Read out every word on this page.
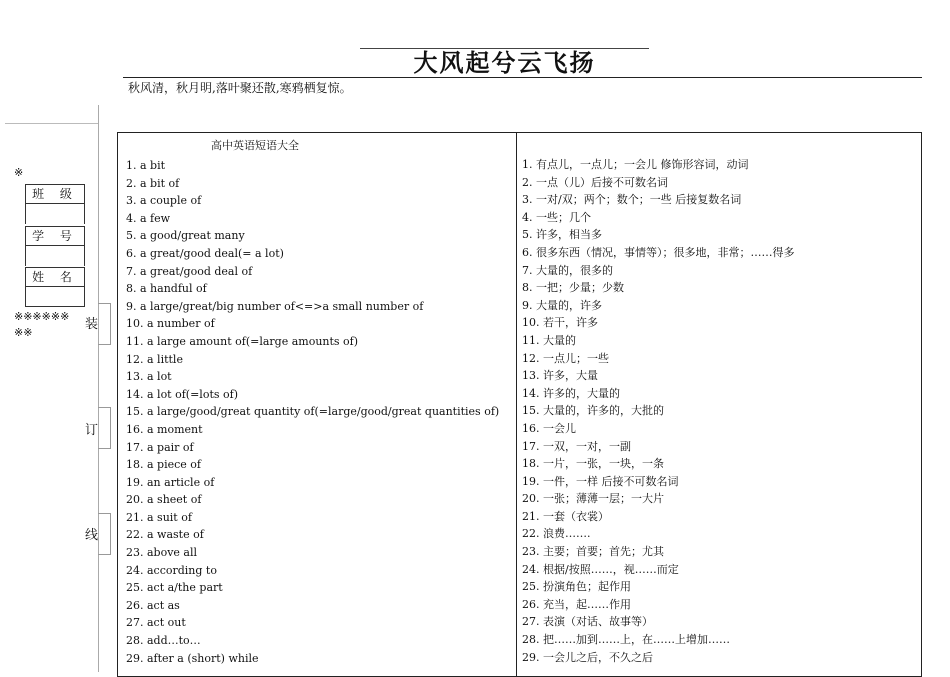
大风起兮云飞扬
秋风清，秋月明,落叶聚还散,寒鸦栖复惊。
装
订
线
※
班 级
学 号
姓 名
※※※※※※
※※
高中英语短语大全
1. a bit
2. a bit of
3. a couple of
4. a few
5. a good/great many
6. a great/good deal(= a lot)
7. a great/good deal of
8. a handful of
9. a large/great/big number of<=>a small number of
10. a number of
11. a large amount of(=large amounts of)
12. a little
13. a lot
14. a lot of(=lots of)
15. a large/good/great quantity of(=large/good/great quantities of)
16. a moment
17. a pair of
18. a piece of
19. an article of
20. a sheet of
21. a suit of
22. a waste of
23. above all
24. according to
25. act a/the part
26. act as
27. act out
28. add…to…
29. after a (short) while
1. 有点儿，一点儿；一会儿 修饰形容词，动词
2. 一点（儿）后接不可数名词
3. 一对/双；两个；数个；一些 后接复数名词
4. 一些；几个
5. 许多，相当多
6. 很多东西（情况，事情等）；很多地，非常；……得多
7. 大量的，很多的
8. 一把；少量；少数
9. 大量的，许多
10. 若干，许多
11. 大量的
12. 一点儿；一些
13. 许多，大量
14. 许多的，大量的
15. 大量的，许多的，大批的
16. 一会儿
17. 一双，一对，一副
18. 一片，一张，一块，一条
19. 一件，一样 后接不可数名词
20. 一张；薄薄一层；一大片
21. 一套（衣裳）
22. 浪费…….
23. 主要；首要；首先；尤其
24. 根据/按照……，视……而定
25. 扮演角色；起作用
26. 充当，起……作用
27. 表演（对话、故事等）
28. 把……加到……上，在……上增加……
29. 一会儿之后，不久之后
